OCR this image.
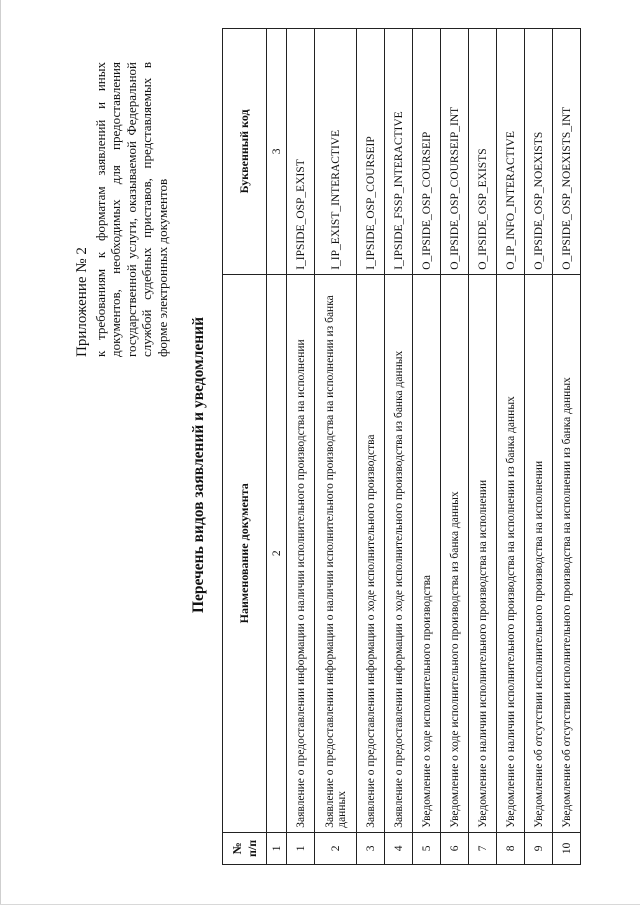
Приложение № 2 к требованиям к форматам заявлений и иных документов, необходимых для предоставления государственной услуги, оказываемой Федеральной службой судебных приставов, представляемых в форме электронных документов
Перечень видов заявлений и уведомлений
№ п/п	Наименование документа	Буквенный код
1	2	3
1	Заявление о предоставлении информации о наличии исполнительного производства на исполнении	I_IPSIDE_OSP_EXIST
2	Заявление о предоставлении информации о наличии исполнительного производства на исполнении из банка данных	I_IP_EXIST_INTERACTIVE
3	Заявление о предоставлении информации о ходе исполнительного производства	I_IPSIDE_OSP_COURSEIP
4	Заявление о предоставлении информации о ходе исполнительного производства из банка данных	I_IPSIDE_FSSP_INTERACTIVE
5	Уведомление о ходе исполнительного производства	O_IPSIDE_OSP_COURSEIP
6	Уведомление о ходе исполнительного производства из банка данных	O_IPSIDE_OSP_COURSEIP_INT
7	Уведомление о наличии исполнительного производства на исполнении	O_IPSIDE_OSP_EXISTS
8	Уведомление о наличии исполнительного производства на исполнении из банка данных	O_IP_INFO_INTERACTIVE
9	Уведомление об отсутствии исполнительного производства на исполнении	O_IPSIDE_OSP_NOEXISTS
10	Уведомление об отсутствии исполнительного производства на исполнении из банка данных	O_IPSIDE_OSP_NOEXISTS_INT
